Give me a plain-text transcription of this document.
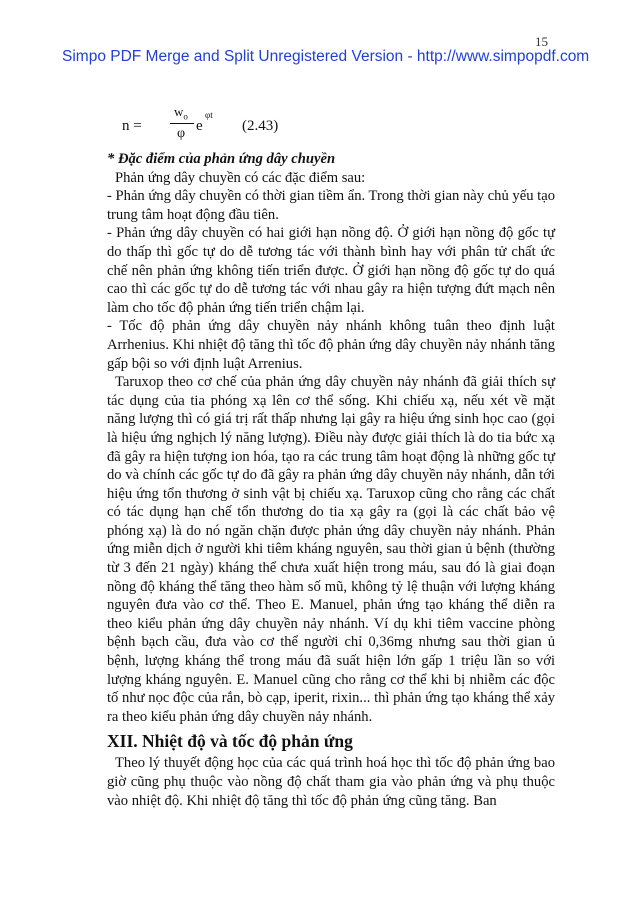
Simpo PDF Merge and Split Unregistered Version - http://www.simpopdf.com
15
n =
$w_o$
φ e
φt
(2.43)

* Đặc điểm của phản ứng dây chuyền

Phản ứng dây chuyền có các đặc điểm sau:

- Phản ứng dây chuyền có thời gian tiềm ẩn. Trong thời gian này chủ yếu tạo trung tâm hoạt động đầu tiên.

- Phản ứng dây chuyền có hai giới hạn nồng độ. Ở giới hạn nồng độ gốc tự do thấp thì gốc tự do dễ tương tác với thành bình hay với phân tử chất ức chế nên phản ứng không tiến triển được. Ở giới hạn nồng độ gốc tự do quá cao thì các gốc tự do dễ tương tác với nhau gây ra hiện tượng đứt mạch nên làm cho tốc độ phản ứng tiến triển chậm lại.

- Tốc độ phản ứng dây chuyền nảy nhánh không tuân theo định luật Arrhenius. Khi nhiệt độ tăng thì tốc độ phản ứng dây chuyền nảy nhánh tăng gấp bội so với định luật Arrenius.

Taruxop theo cơ chế của phản ứng dây chuyền nảy nhánh đã giải thích sự tác dụng của tia phóng xạ lên cơ thể sống. Khi chiếu xạ, nếu xét về mặt năng lượng thì có giá trị rất thấp nhưng lại gây ra hiệu ứng sinh học cao (gọi là hiệu ứng nghịch lý năng lượng). Điều này được giải thích là do tia bức xạ đã gây ra hiện tượng ion hóa, tạo ra các trung tâm hoạt động là những gốc tự do và chính các gốc tự do đã gây ra phản ứng dây chuyền nảy nhánh, dẫn tới hiệu ứng tổn thương ở sinh vật bị chiếu xạ. Taruxop cũng cho rằng các chất có tác dụng hạn chế tổn thương do tia xạ gây ra (gọi là các chất bảo vệ phóng xạ) là do nó ngăn chặn được phản ứng dây chuyền nảy nhánh. Phản ứng miễn dịch ở người khi tiêm kháng nguyên, sau thời gian ủ bệnh (thường từ 3 đến 21 ngày) kháng thể chưa xuất hiện trong máu, sau đó là giai đoạn nồng độ kháng thể tăng theo hàm số mũ, không tỷ lệ thuận với lượng kháng nguyên đưa vào cơ thể. Theo E. Manuel, phản ứng tạo kháng thể diễn ra theo kiểu phản ứng dây chuyền nảy nhánh. Ví dụ khi tiêm vaccine phòng bệnh bạch cầu, đưa vào cơ thể người chỉ 0,36mg nhưng sau thời gian ủ bệnh, lượng kháng thể trong máu đã suất hiện lớn gấp 1 triệu lần so với lượng kháng nguyên. E. Manuel cũng cho rằng cơ thể khi bị nhiễm các độc tố như nọc độc của rắn, bò cạp, iperit, rixin... thì phản ứng tạo kháng thể xảy ra theo kiểu phản ứng dây chuyền nảy nhánh.

XII. Nhiệt độ và tốc độ phản ứng

Theo lý thuyết động học của các quá trình hoá học thì tốc độ phản ứng bao giờ cũng phụ thuộc vào nồng độ chất tham gia vào phản ứng và phụ thuộc vào nhiệt độ. Khi nhiệt độ tăng thì tốc độ phản ứng cũng tăng. Ban
